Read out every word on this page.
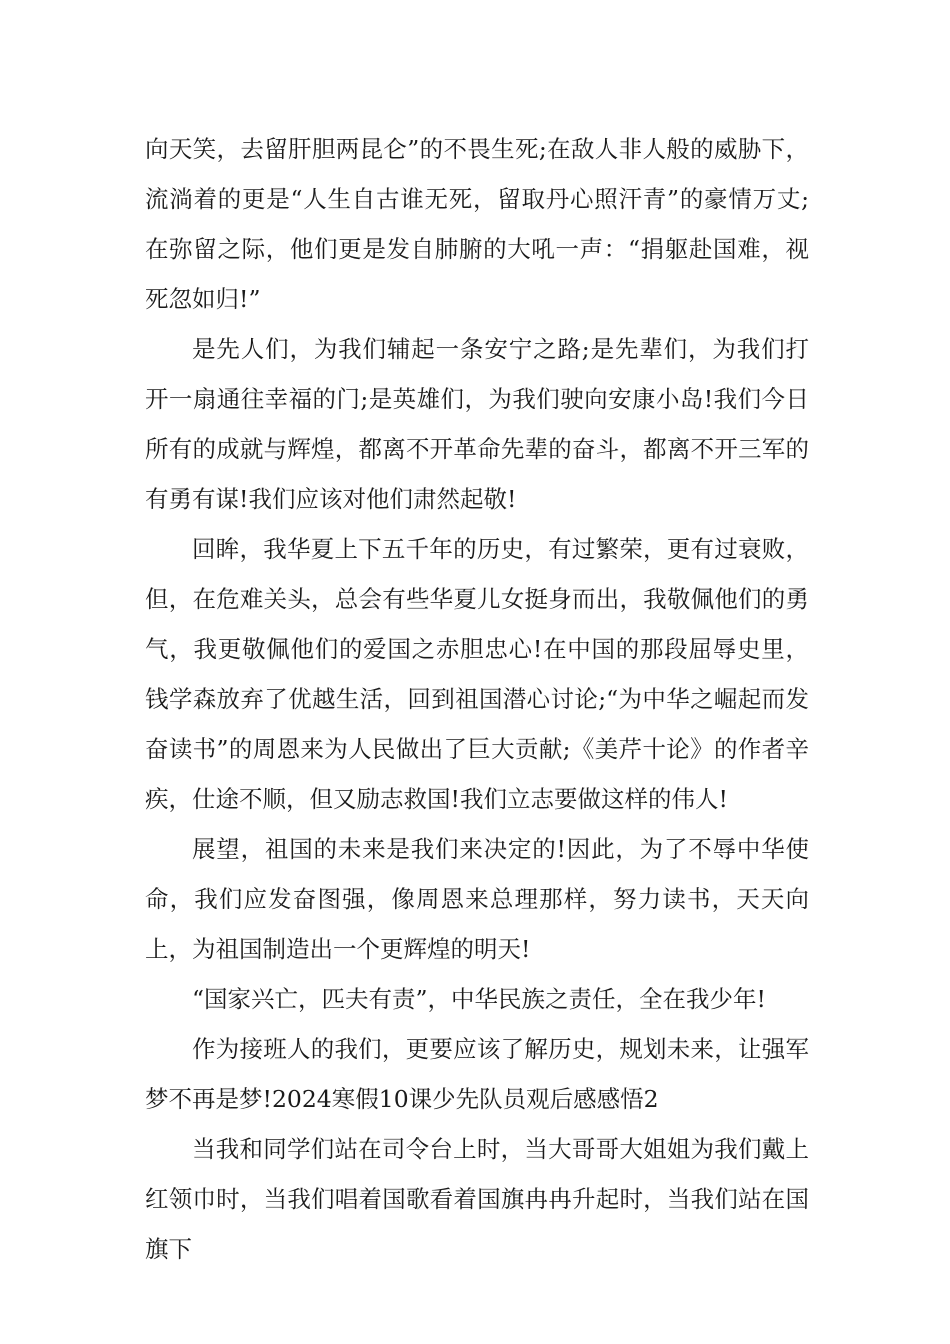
向天笑，去留肝胆两昆仑”的不畏生死;在敌人非人般的威胁下，流淌着的更是“人生自古谁无死，留取丹心照汗青”的豪情万丈;在弥留之际，他们更是发自肺腑的大吼一声：“捐躯赴国难，视死忽如归!”

是先人们，为我们辅起一条安宁之路;是先辈们，为我们打开一扇通往幸福的门;是英雄们，为我们驶向安康小岛!我们今日所有的成就与辉煌，都离不开革命先辈的奋斗，都离不开三军的有勇有谋!我们应该对他们肃然起敬!

回眸，我华夏上下五千年的历史，有过繁荣，更有过衰败，但，在危难关头，总会有些华夏儿女挺身而出，我敬佩他们的勇气，我更敬佩他们的爱国之赤胆忠心!在中国的那段屈辱史里，钱学森放弃了优越生活，回到祖国潜心讨论;“为中华之崛起而发奋读书”的周恩来为人民做出了巨大贡献;《美芹十论》的作者辛疾，仕途不顺，但又励志救国!我们立志要做这样的伟人!

展望，祖国的未来是我们来决定的!因此，为了不辱中华使命，我们应发奋图强，像周恩来总理那样，努力读书，天天向上，为祖国制造出一个更辉煌的明天!

“国家兴亡，匹夫有责”，中华民族之责任，全在我少年!

作为接班人的我们，更要应该了解历史，规划未来，让强军梦不再是梦!2024寒假10课少先队员观后感感悟2

当我和同学们站在司令台上时，当大哥哥大姐姐为我们戴上红领巾时，当我们唱着国歌看着国旗冉冉升起时，当我们站在国旗下
